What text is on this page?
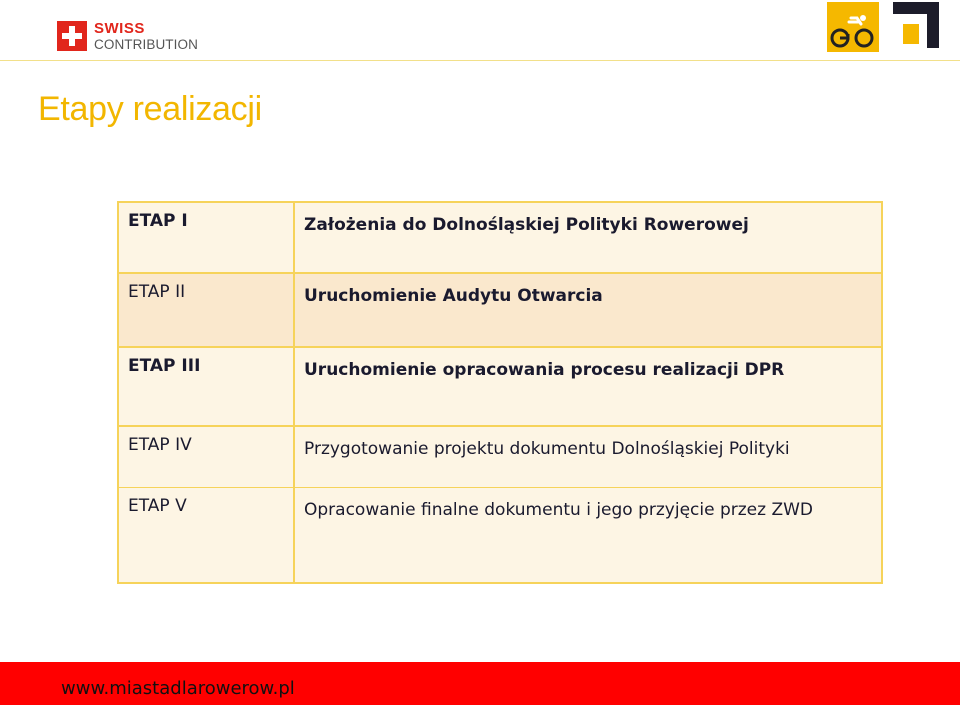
SWISS
CONTRIBUTION
Etapy realizacji
ETAP I	Założenia do Dolnośląskiej Polityki Rowerowej
ETAP II	Uruchomienie Audytu Otwarcia
ETAP III	Uruchomienie opracowania procesu realizacji DPR
ETAP IV	Przygotowanie projektu dokumentu Dolnośląskiej Polityki
ETAP V	Opracowanie finalne dokumentu i jego przyjęcie przez ZWD
www.miastadlarowerow.pl
